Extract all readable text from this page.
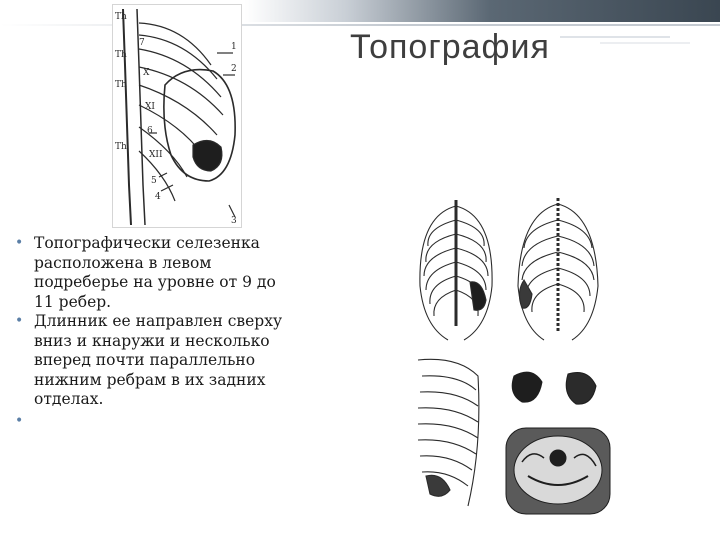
Топография
Th
Th
Th
Th
X
XI
XII
1
2
3
4
5
6
7
• Топографически селезенка расположена в левом подреберье на уровне от 9 до 11 ребер.
• Длинник ее направлен сверху вниз и кнаружи и несколько вперед почти параллельно нижним ребрам в их задних отделах.
•
